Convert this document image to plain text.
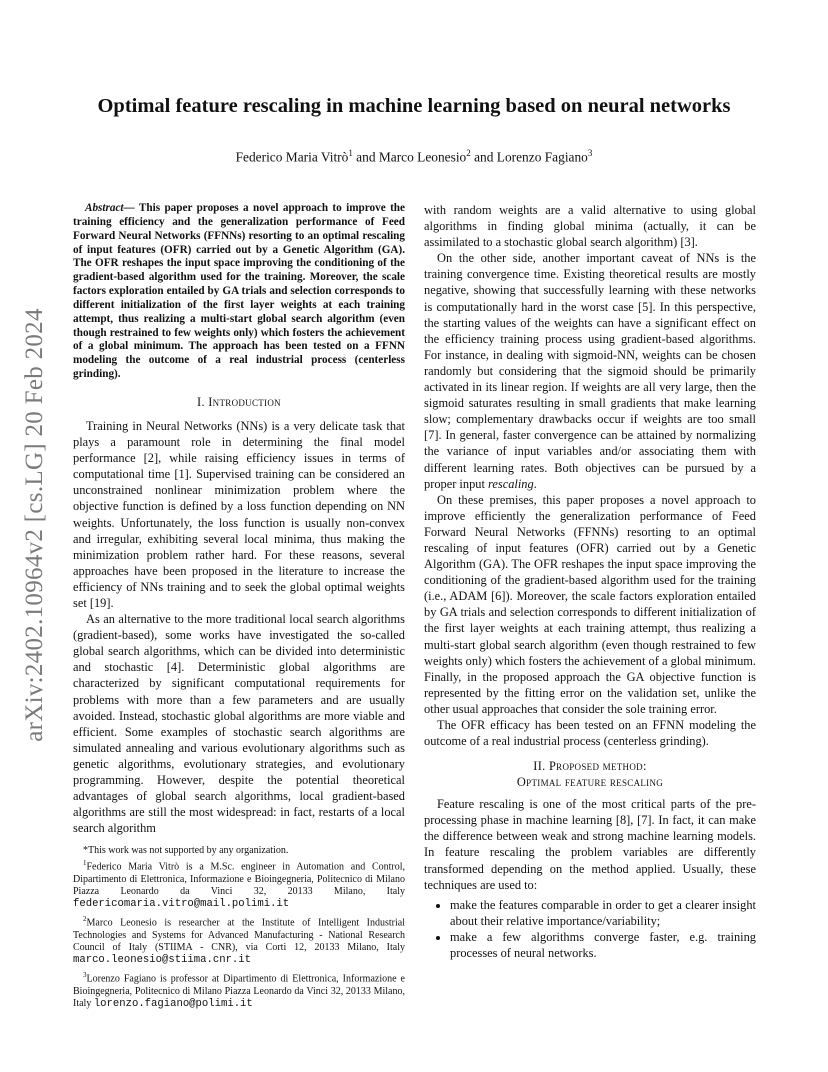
arXiv:2402.10964v2 [cs.LG] 20 Feb 2024
Optimal feature rescaling in machine learning based on neural networks

Federico Maria Vitrò$^1$ and Marco Leonesio$^2$ and Lorenzo Fagiano$^3$

Abstract— This paper proposes a novel approach to improve the training efficiency and the generalization performance of Feed Forward Neural Networks (FFNNs) resorting to an optimal rescaling of input features (OFR) carried out by a Genetic Algorithm (GA). The OFR reshapes the input space improving the conditioning of the gradient-based algorithm used for the training. Moreover, the scale factors exploration entailed by GA trials and selection corresponds to different initialization of the first layer weights at each training attempt, thus realizing a multi-start global search algorithm (even though restrained to few weights only) which fosters the achievement of a global minimum. The approach has been tested on a FFNN modeling the outcome of a real industrial process (centerless grinding).

I. Introduction

Training in Neural Networks (NNs) is a very delicate task that plays a paramount role in determining the final model performance [2], while raising efficiency issues in terms of computational time [1]. Supervised training can be considered an unconstrained nonlinear minimization problem where the objective function is defined by a loss function depending on NN weights. Unfortunately, the loss function is usually non-convex and irregular, exhibiting several local minima, thus making the minimization problem rather hard. For these reasons, several approaches have been proposed in the literature to increase the efficiency of NNs training and to seek the global optimal weights set [19].

As an alternative to the more traditional local search algorithms (gradient-based), some works have investigated the so-called global search algorithms, which can be divided into deterministic and stochastic [4]. Deterministic global algorithms are characterized by significant computational requirements for problems with more than a few parameters and are usually avoided. Instead, stochastic global algorithms are more viable and efficient. Some examples of stochastic search algorithms are simulated annealing and various evolutionary algorithms such as genetic algorithms, evolutionary strategies, and evolutionary programming. However, despite the potential theoretical advantages of global search algorithms, local gradient-based algorithms are still the most widespread: in fact, restarts of a local search algorithm

*This work was not supported by any organization.

$^1$Federico Maria Vitrò is a M.Sc. engineer in Automation and Control, Dipartimento di Elettronica, Informazione e Bioingegneria, Politecnico di Milano Piazza Leonardo da Vinci 32, 20133 Milano, Italy federicomaria.vitro@mail.polimi.it

$^2$Marco Leonesio is researcher at the Institute of Intelligent Industrial Technologies and Systems for Advanced Manufacturing - National Research Council of Italy (STIIMA - CNR), via Corti 12, 20133 Milano, Italy marco.leonesio@stiima.cnr.it

$^3$Lorenzo Fagiano is professor at Dipartimento di Elettronica, Informazione e Bioingegneria, Politecnico di Milano Piazza Leonardo da Vinci 32, 20133 Milano, Italy lorenzo.fagiano@polimi.it

with random weights are a valid alternative to using global algorithms in finding global minima (actually, it can be assimilated to a stochastic global search algorithm) [3].

On the other side, another important caveat of NNs is the training convergence time. Existing theoretical results are mostly negative, showing that successfully learning with these networks is computationally hard in the worst case [5]. In this perspective, the starting values of the weights can have a significant effect on the efficiency training process using gradient-based algorithms. For instance, in dealing with sigmoid-NN, weights can be chosen randomly but considering that the sigmoid should be primarily activated in its linear region. If weights are all very large, then the sigmoid saturates resulting in small gradients that make learning slow; complementary drawbacks occur if weights are too small [7]. In general, faster convergence can be attained by normalizing the variance of input variables and/or associating them with different learning rates. Both objectives can be pursued by a proper input rescaling.

On these premises, this paper proposes a novel approach to improve efficiently the generalization performance of Feed Forward Neural Networks (FFNNs) resorting to an optimal rescaling of input features (OFR) carried out by a Genetic Algorithm (GA). The OFR reshapes the input space improving the conditioning of the gradient-based algorithm used for the training (i.e., ADAM [6]). Moreover, the scale factors exploration entailed by GA trials and selection corresponds to different initialization of the first layer weights at each training attempt, thus realizing a multi-start global search algorithm (even though restrained to few weights only) which fosters the achievement of a global minimum. Finally, in the proposed approach the GA objective function is represented by the fitting error on the validation set, unlike the other usual approaches that consider the sole training error.

The OFR efficacy has been tested on an FFNN modeling the outcome of a real industrial process (centerless grinding).

II. Proposed method:
Optimal feature rescaling

Feature rescaling is one of the most critical parts of the pre-processing phase in machine learning [8], [7]. In fact, it can make the difference between weak and strong machine learning models. In feature rescaling the problem variables are differently transformed depending on the method applied. Usually, these techniques are used to:

• make the features comparable in order to get a clearer insight about their relative importance/variability;
• make a few algorithms converge faster, e.g. training processes of neural networks.
